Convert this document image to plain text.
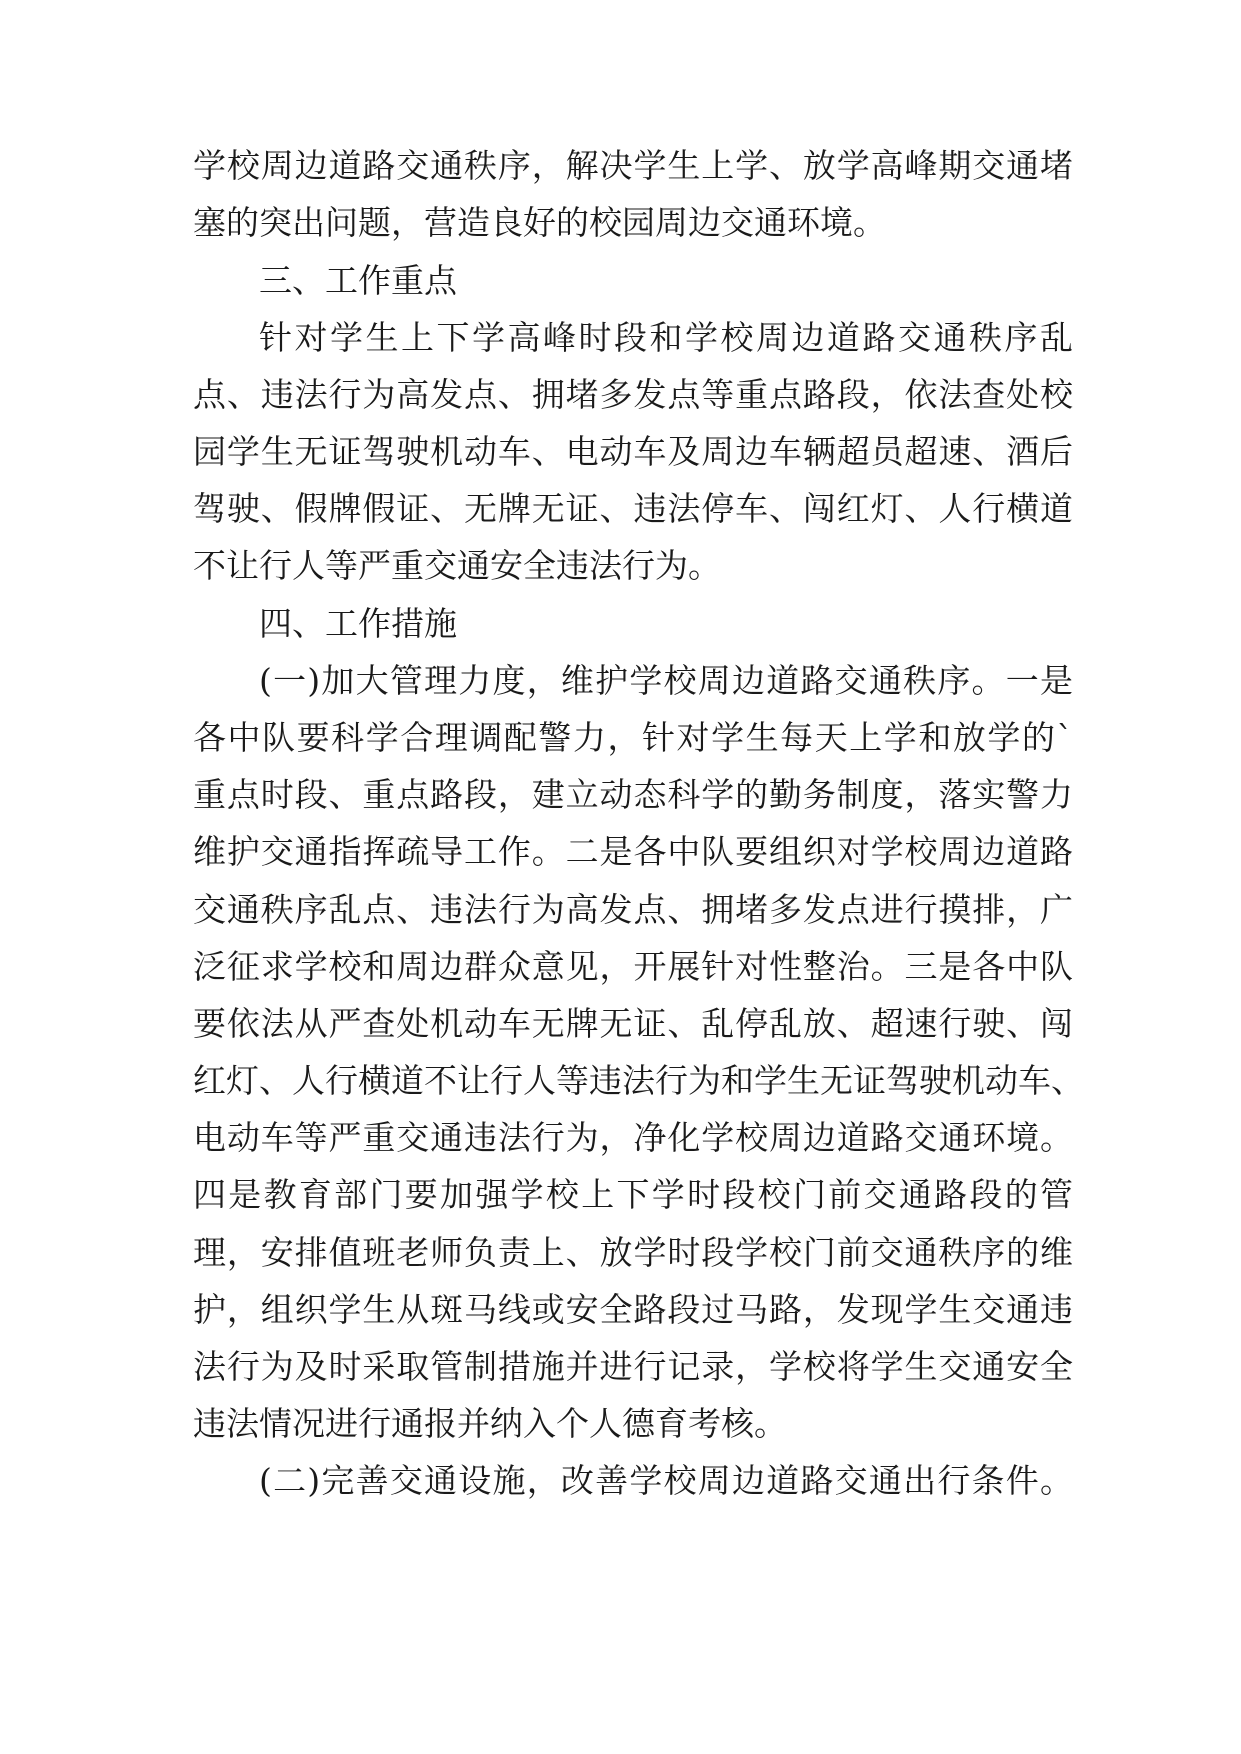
学校周边道路交通秩序，解决学生上学、放学高峰期交通堵
塞的突出问题，营造良好的校园周边交通环境。
三、工作重点
针对学生上下学高峰时段和学校周边道路交通秩序乱
点、违法行为高发点、拥堵多发点等重点路段，依法查处校
园学生无证驾驶机动车、电动车及周边车辆超员超速、酒后
驾驶、假牌假证、无牌无证、违法停车、闯红灯、人行横道
不让行人等严重交通安全违法行为。
四、工作措施
(一)加大管理力度，维护学校周边道路交通秩序。一是
各中队要科学合理调配警力，针对学生每天上学和放学的`
重点时段、重点路段，建立动态科学的勤务制度，落实警力
维护交通指挥疏导工作。二是各中队要组织对学校周边道路
交通秩序乱点、违法行为高发点、拥堵多发点进行摸排，广
泛征求学校和周边群众意见，开展针对性整治。三是各中队
要依法从严查处机动车无牌无证、乱停乱放、超速行驶、闯
红灯、人行横道不让行人等违法行为和学生无证驾驶机动车、
电动车等严重交通违法行为，净化学校周边道路交通环境。
四是教育部门要加强学校上下学时段校门前交通路段的管
理，安排值班老师负责上、放学时段学校门前交通秩序的维
护，组织学生从斑马线或安全路段过马路，发现学生交通违
法行为及时采取管制措施并进行记录，学校将学生交通安全
违法情况进行通报并纳入个人德育考核。
(二)完善交通设施，改善学校周边道路交通出行条件。
